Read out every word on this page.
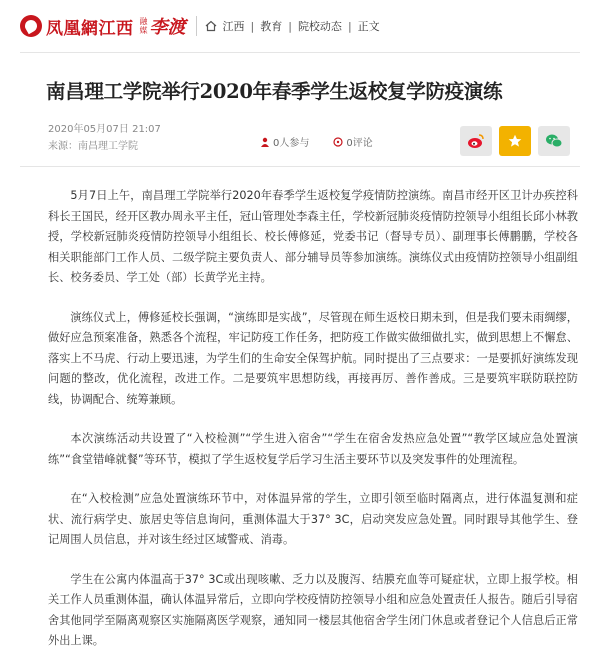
凤凰網江西 融媒 李渡	江西 | 教育 | 院校动态 | 正文
南昌理工学院举行2020年春季学生返校复学防疫演练
2020年05月07日 21:07
来源：南昌理工学院	0人参与	0评论

5月7日上午，南昌理工学院举行2020年春季学生返校复学疫情防控演练。南昌市经开区卫计办疾控科科长王国民，经开区教办周永平主任，冠山管理处李森主任，学校新冠肺炎疫情防控领导小组组长邱小林教授，学校新冠肺炎疫情防控领导小组组长、校长傅修延，党委书记（督导专员）、副理事长傅鹏鹏，学校各相关职能部门工作人员、二级学院主要负责人、部分辅导员等参加演练。演练仪式由疫情防控领导小组副组长、校务委员、学工处（部）长黄学光主持。

演练仪式上，傅修延校长强调，“演练即是实战”，尽管现在师生返校日期未到，但是我们要未雨绸缪，做好应急预案准备，熟悉各个流程，牢记防疫工作任务，把防疫工作做实做细做扎实，做到思想上不懈怠、落实上不马虎、行动上要迅速，为学生们的生命安全保驾护航。同时提出了三点要求：一是要抓好演练发现问题的整改，优化流程，改进工作。二是要筑牢思想防线，再接再厉、善作善成。三是要筑牢联防联控防线，协调配合、统筹兼顾。

本次演练活动共设置了“入校检测”“学生进入宿舍”“学生在宿舍发热应急处置”“教学区域应急处置演练”“食堂错峰就餐”等环节，模拟了学生返校复学后学习生活主要环节以及突发事件的处理流程。

在“入校检测”应急处置演练环节中，对体温异常的学生，立即引领至临时隔离点，进行体温复测和症状、流行病学史、旅居史等信息询问，重测体温大于37° 3C，启动突发应急处置。同时跟导其他学生、登记周围人员信息，并对该生经过区域警戒、消毒。

学生在公寓内体温高于37° 3C或出现咳嗽、乏力以及腹泻、结膜充血等可疑症状，立即上报学校。相关工作人员重测体温，确认体温异常后，立即向学校疫情防控领导小组和应急处置责任人报告。随后引导宿舍其他同学至隔离观察区实施隔离医学观察，通知同一楼层其他宿舍学生闭门休息或者登记个人信息后正常外出上课。
